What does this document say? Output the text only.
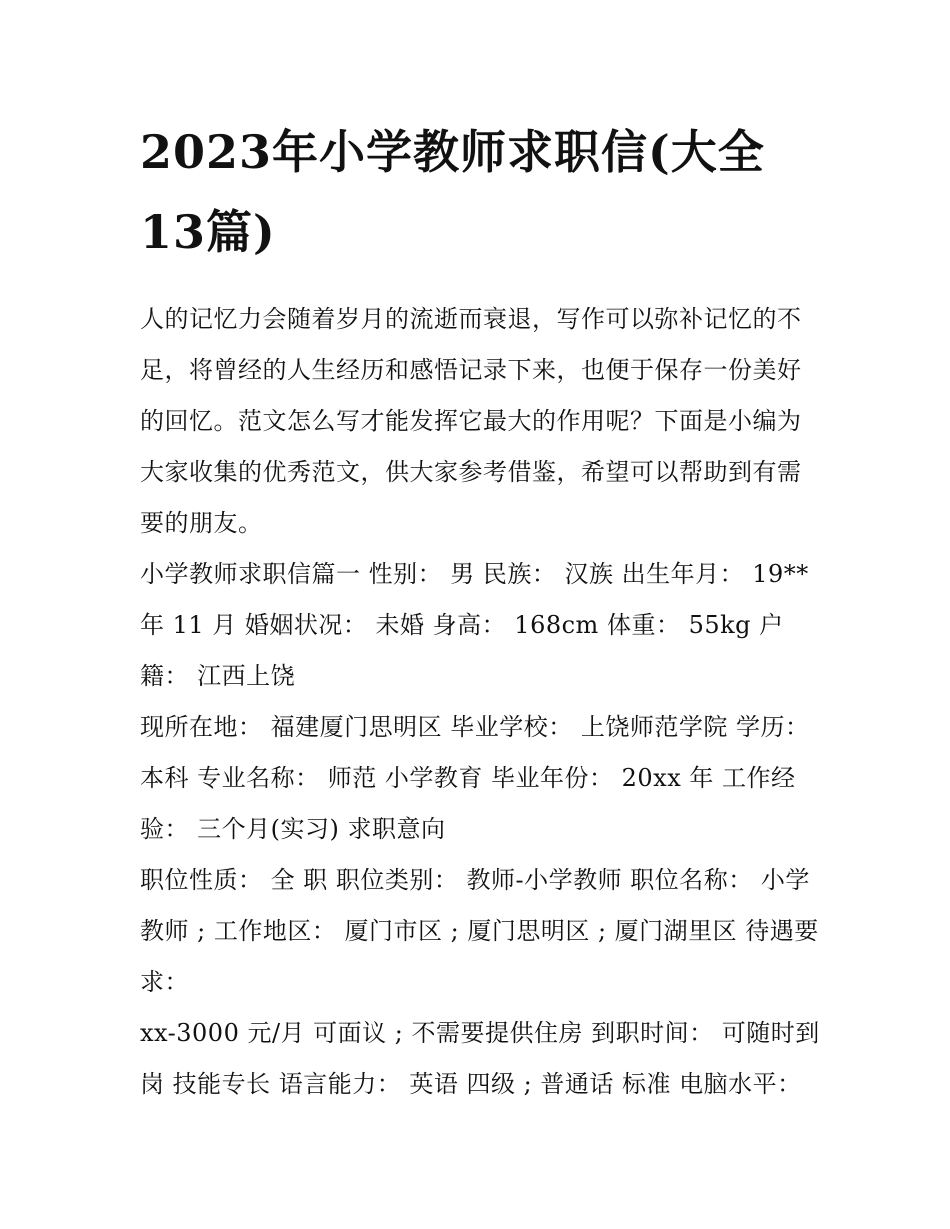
2023年小学教师求职信(大全13篇)

人的记忆力会随着岁月的流逝而衰退，写作可以弥补记忆的不足，将曾经的人生经历和感悟记录下来，也便于保存一份美好的回忆。范文怎么写才能发挥它最大的作用呢？下面是小编为大家收集的优秀范文，供大家参考借鉴，希望可以帮助到有需要的朋友。

小学教师求职信篇一 性别： 男 民族： 汉族 出生年月： 19** 年 11 月 婚姻状况： 未婚 身高： 168cm 体重： 55kg 户籍： 江西上饶

现所在地： 福建厦门思明区 毕业学校： 上饶师范学院 学历： 本科 专业名称： 师范 小学教育 毕业年份： 20xx 年 工作经验： 三个月(实习) 求职意向

职位性质： 全 职 职位类别： 教师-小学教师 职位名称： 小学教师 ; 工作地区： 厦门市区 ; 厦门思明区 ; 厦门湖里区 待遇要求：

xx-3000 元/月 可面议 ; 不需要提供住房 到职时间： 可随时到岗 技能专长 语言能力： 英语 四级 ; 普通话 标准 电脑水平：
